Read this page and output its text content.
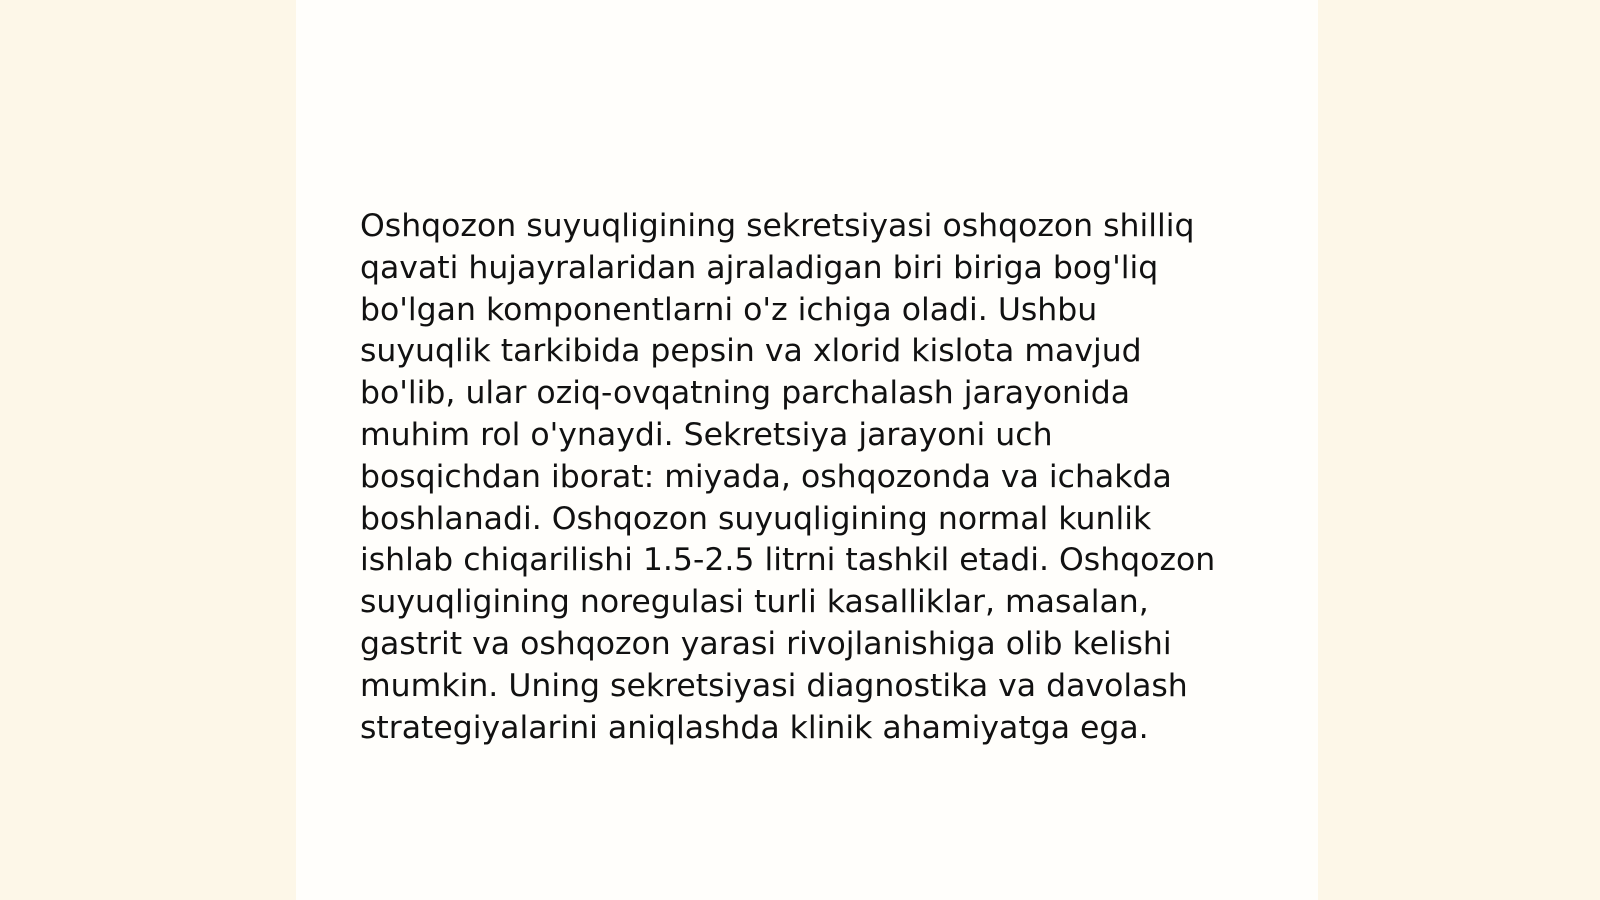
Oshqozon suyuqligining sekretsiyasi oshqozon shilliq
qavati hujayralaridan ajraladigan biri biriga bog'liq
bo'lgan komponentlarni o'z ichiga oladi. Ushbu
suyuqlik tarkibida pepsin va xlorid kislota mavjud
bo'lib, ular oziq-ovqatning parchalash jarayonida
muhim rol o'ynaydi. Sekretsiya jarayoni uch
bosqichdan iborat: miyada, oshqozonda va ichakda
boshlanadi. Oshqozon suyuqligining normal kunlik
ishlab chiqarilishi 1.5-2.5 litrni tashkil etadi. Oshqozon
suyuqligining noregulasi turli kasalliklar, masalan,
gastrit va oshqozon yarasi rivojlanishiga olib kelishi
mumkin. Uning sekretsiyasi diagnostika va davolash
strategiyalarini aniqlashda klinik ahamiyatga ega.
